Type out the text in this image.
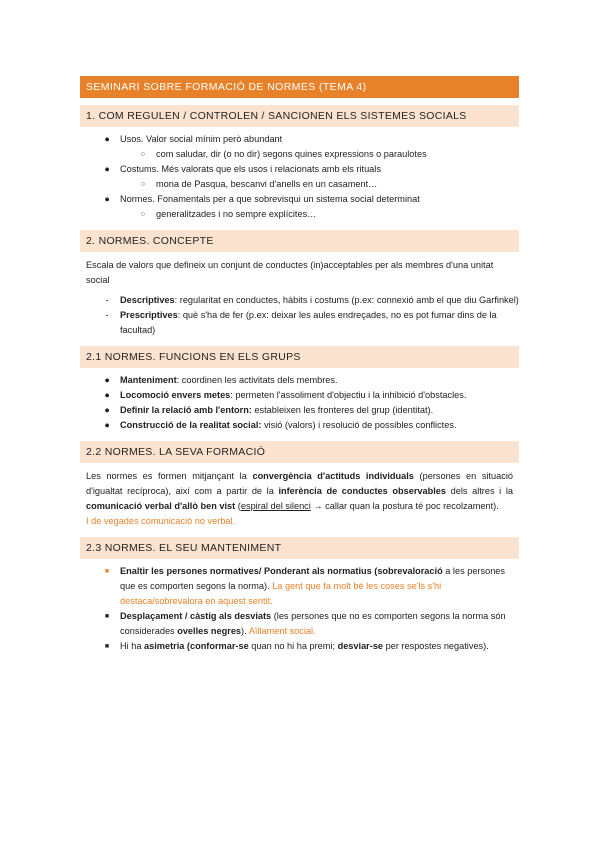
SEMINARI SOBRE FORMACIÓ DE NORMES (TEMA 4)
1. COM REGULEN / CONTROLEN / SANCIONEN ELS SISTEMES SOCIALS
● Usos. Valor social mínim però abundant
○	com saludar, dir (o no dir) segons quines expressions o paraulotes
● Costums. Més valorats que els usos i relacionats amb els rituals
○	mona de Pasqua, bescanvi d'anells en un casament…
● Normes. Fonamentals per a que sobrevisqui un sistema social determinat
○	generalitzades i no sempre explícites…
2. NORMES. CONCEPTE
Escala de valors que defineix un conjunt de conductes (in)acceptables per als membres d'una unitat social
-	Descriptives: regularitat en conductes, hàbits i costums (p.ex: connexió amb el que diu Garfinkel)
-	Prescriptives: què s'ha de fer (p.ex: deixar les aules endreçades, no es pot fumar dins de la facultad)
2.1 NORMES. FUNCIONS EN ELS GRUPS
● Manteniment: coordinen les activitats dels membres.
● Locomoció envers metes: permeten l'assoliment d'objectiu i la inhibició d'obstacles.
● Definir la relació amb l'entorn: estableixen les fronteres del grup (identitat).
● Construcció de la realitat social: visió (valors) i resolució de possibles conflictes.
2.2 NORMES. LA SEVA FORMACIÓ
Les normes es formen mitjançant la convergència d'actituds individuals (persones en situació d'igualtat recíproca), així com a partir de la inferència de conductes observables dels altres i la comunicació verbal d'allò ben vist (espiral del silenci → callar quan la postura té poc recolzament).
I de vegades comunicació no verbal.
2.3 NORMES. EL SEU MANTENIMENT
■	Enaltir les persones normatives/ Ponderant als normatius (sobrevaloració a les persones que es comporten segons la norma). La gent que fa molt bé les coses se'ls s'hi destaca/sobrevalora en aquest sentit.
■	Desplaçament / càstig als desviats (les persones que no es comporten segons la norma són considerades ovelles negres). Aïllament social.
■	Hi ha asimetria (conformar-se quan no hi ha premi; desviar-se per respostes negatives).
